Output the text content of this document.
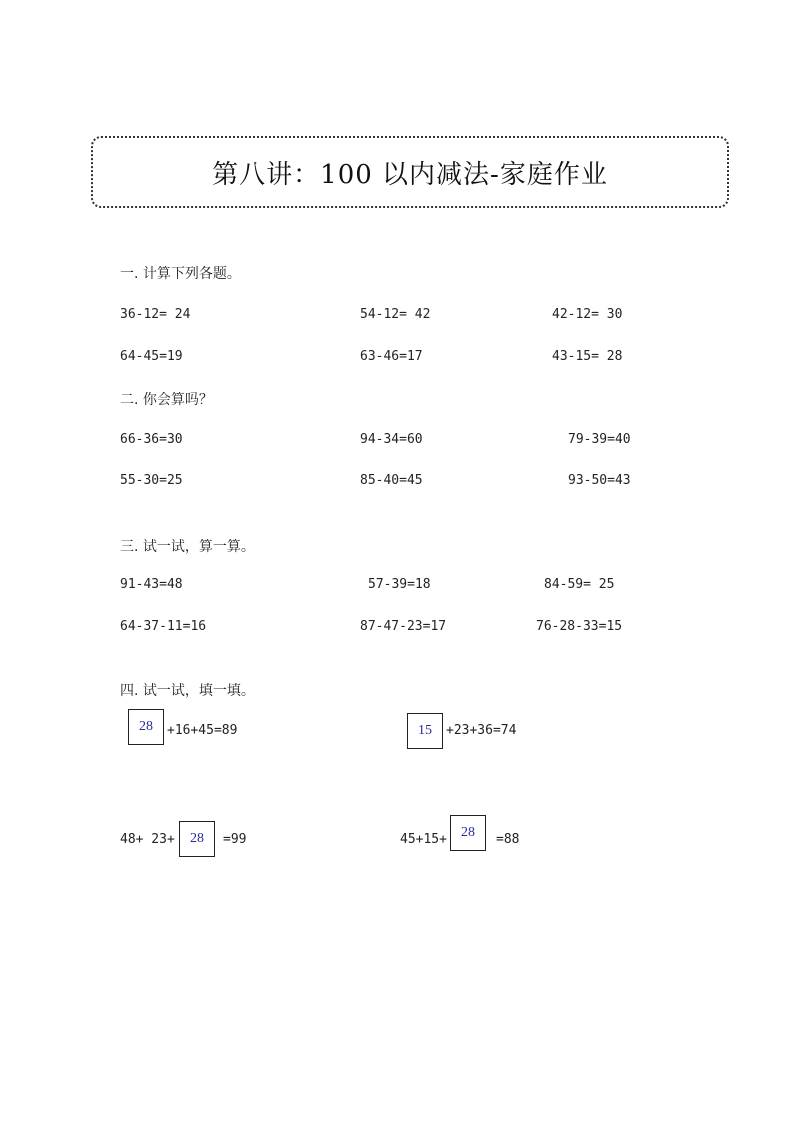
第八讲：100 以内减法-家庭作业
一. 计算下列各题。
36-12= 24	54-12= 42	42-12= 30
64-45=19	63-46=17	43-15= 28
二. 你会算吗？
66-36=30	94-34=60	79-39=40
55-30=25	85-40=45	93-50=43
三. 试一试，算一算。
91-43=48	57-39=18	84-59= 25
64-37-11=16	87-47-23=17	76-28-33=15
四. 试一试，填一填。
28	+16+45=89	15	+23+36=74
48+ 23+	28	=99	45+15+	28	=88
